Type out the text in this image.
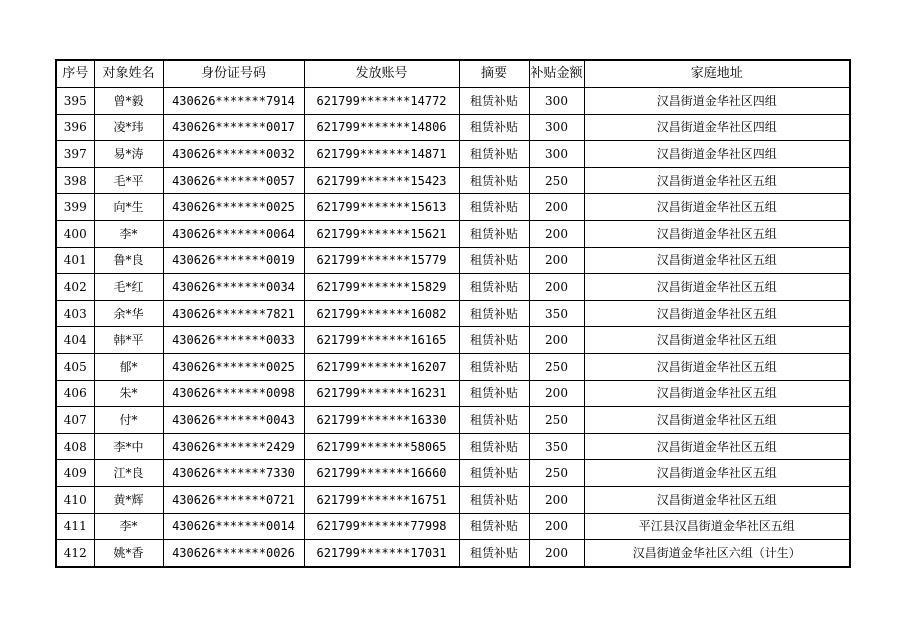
序号	对象姓名	身份证号码	发放账号	摘要	补贴金额	家庭地址
395	曾*毅	430626*******7914	621799*******14772	租赁补贴	300	汉昌街道金华社区四组
396	凌*玮	430626*******0017	621799*******14806	租赁补贴	300	汉昌街道金华社区四组
397	易*涛	430626*******0032	621799*******14871	租赁补贴	300	汉昌街道金华社区四组
398	毛*平	430626*******0057	621799*******15423	租赁补贴	250	汉昌街道金华社区五组
399	向*生	430626*******0025	621799*******15613	租赁补贴	200	汉昌街道金华社区五组
400	李*	430626*******0064	621799*******15621	租赁补贴	200	汉昌街道金华社区五组
401	鲁*良	430626*******0019	621799*******15779	租赁补贴	200	汉昌街道金华社区五组
402	毛*红	430626*******0034	621799*******15829	租赁补贴	200	汉昌街道金华社区五组
403	余*华	430626*******7821	621799*******16082	租赁补贴	350	汉昌街道金华社区五组
404	韩*平	430626*******0033	621799*******16165	租赁补贴	200	汉昌街道金华社区五组
405	郁*	430626*******0025	621799*******16207	租赁补贴	250	汉昌街道金华社区五组
406	朱*	430626*******0098	621799*******16231	租赁补贴	200	汉昌街道金华社区五组
407	付*	430626*******0043	621799*******16330	租赁补贴	250	汉昌街道金华社区五组
408	李*中	430626*******2429	621799*******58065	租赁补贴	350	汉昌街道金华社区五组
409	江*良	430626*******7330	621799*******16660	租赁补贴	250	汉昌街道金华社区五组
410	黄*辉	430626*******0721	621799*******16751	租赁补贴	200	汉昌街道金华社区五组
411	李*	430626*******0014	621799*******77998	租赁补贴	200	平江县汉昌街道金华社区五组
412	姚*香	430626*******0026	621799*******17031	租赁补贴	200	汉昌街道金华社区六组（计生）
